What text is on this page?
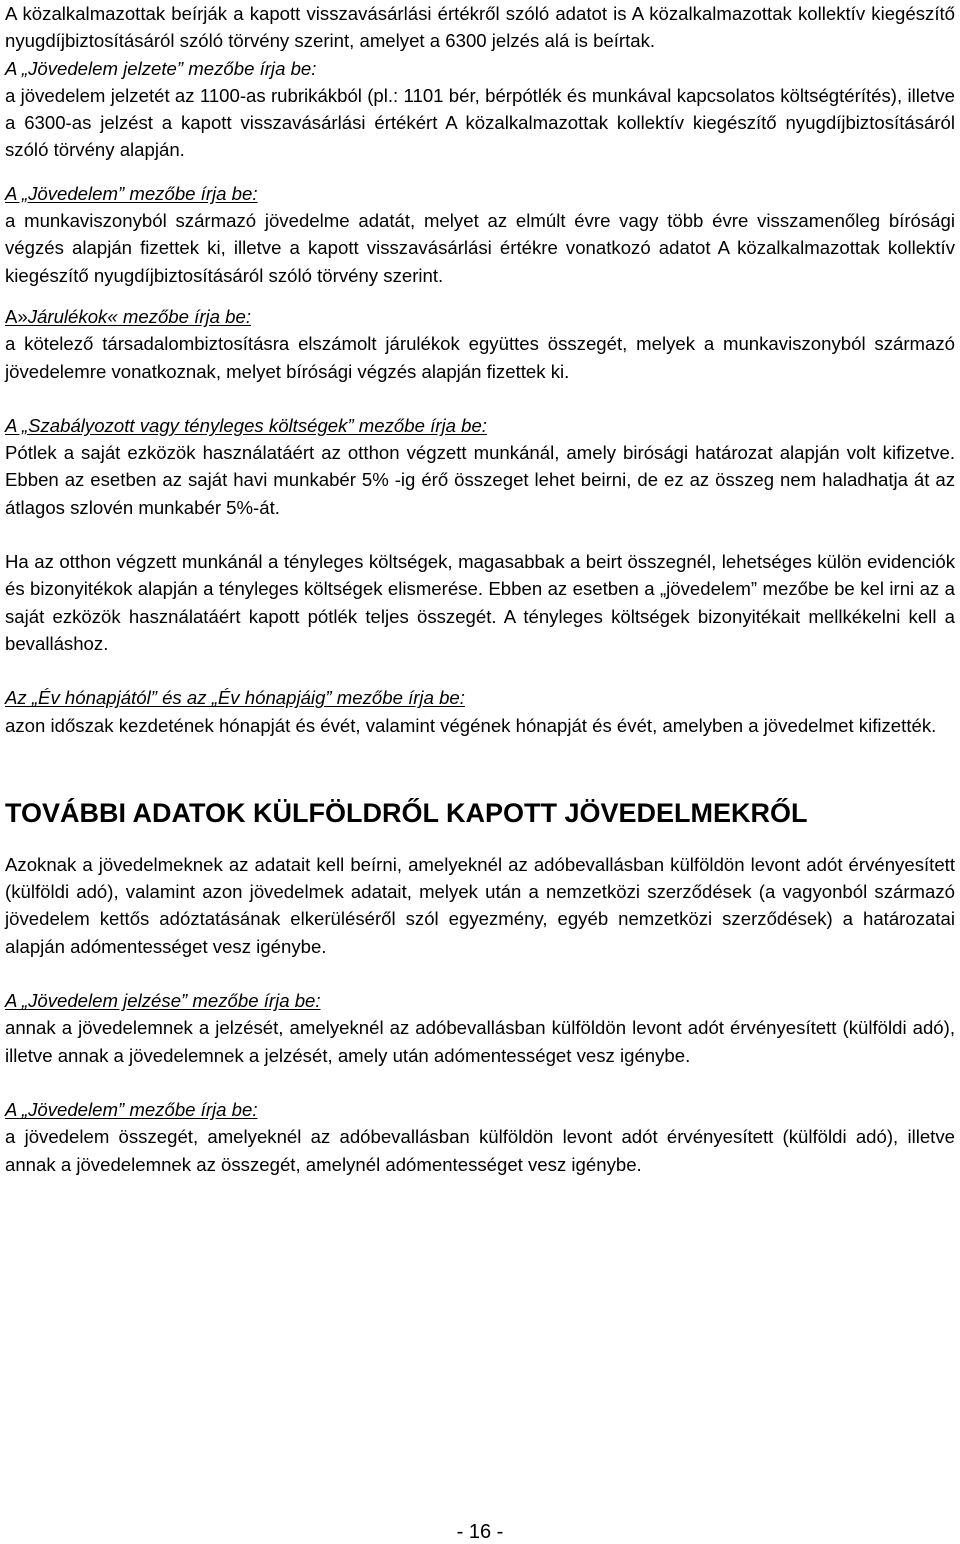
A közalkalmazottak beírják a kapott visszavásárlási értékről szóló adatot is A közalkalmazottak kollektív kiegészítő nyugdíjbiztosításáról szóló törvény szerint, amelyet a 6300 jelzés alá is beírtak.

A „Jövedelem jelzete” mezőbe írja be:

a jövedelem jelzetét az 1100-as rubrikákból (pl.: 1101 bér, bérpótlék és munkával kapcsolatos költségtérítés), illetve a 6300-as jelzést a kapott visszavásárlási értékért A közalkalmazottak kollektív kiegészítő nyugdíjbiztosításáról szóló törvény alapján.

A „Jövedelem” mezőbe írja be:

a munkaviszonyból származó jövedelme adatát, melyet az elmúlt évre vagy több évre visszamenőleg bírósági végzés alapján fizettek ki, illetve a kapott visszavásárlási értékre vonatkozó adatot A közalkalmazottak kollektív kiegészítő nyugdíjbiztosításáról szóló törvény szerint.

A»Járulékok« mezőbe írja be:

a kötelező társadalombiztosításra elszámolt járulékok együttes összegét, melyek a munkaviszonyból származó jövedelemre vonatkoznak, melyet bírósági végzés alapján fizettek ki.

A „Szabályozott vagy tényleges költségek” mezőbe írja be:

Pótlek a saját ezközök használatáért az otthon végzett munkánál, amely birósági határozat alapján volt kifizetve. Ebben az esetben az saját havi munkabér 5% -ig érő összeget lehet beirni, de ez az összeg nem haladhatja át az átlagos szlovén munkabér 5%-át.

Ha az otthon végzett munkánál a tényleges költségek, magasabbak a beirt összegnél, lehetséges külön evidenciók és bizonyitékok alapján a tényleges költségek elismerése. Ebben az esetben a „jövedelem” mezőbe be kel irni az a saját ezközök használatáért kapott pótlék teljes összegét. A tényleges költségek bizonyitékait mellkékelni kell a bevalláshoz.

Az „Év hónapjától” és az „Év hónapjáig” mezőbe írja be:

azon időszak kezdetének hónapját és évét, valamint végének hónapját és évét, amelyben a jövedelmet kifizették.

TOVÁBBI ADATOK KÜLFÖLDRŐL KAPOTT JÖVEDELMEKRŐL

Azoknak a jövedelmeknek az adatait kell beírni, amelyeknél az adóbevallásban külföldön levont adót érvényesített (külföldi adó), valamint azon jövedelmek adatait, melyek után a nemzetközi szerződések (a vagyonból származó jövedelem kettős adóztatásának elkerüléséről szól egyezmény, egyéb nemzetközi szerződések) a határozatai alapján adómentességet vesz igénybe.

A „Jövedelem jelzése” mezőbe írja be:

annak a jövedelemnek a jelzését, amelyeknél az adóbevallásban külföldön levont adót érvényesített (külföldi adó), illetve annak a jövedelemnek a jelzését, amely után adómentességet vesz igénybe.

A „Jövedelem” mezőbe írja be:

a jövedelem összegét, amelyeknél az adóbevallásban külföldön levont adót érvényesített (külföldi adó), illetve annak a jövedelemnek az összegét, amelynél adómentességet vesz igénybe.

- 16 -
